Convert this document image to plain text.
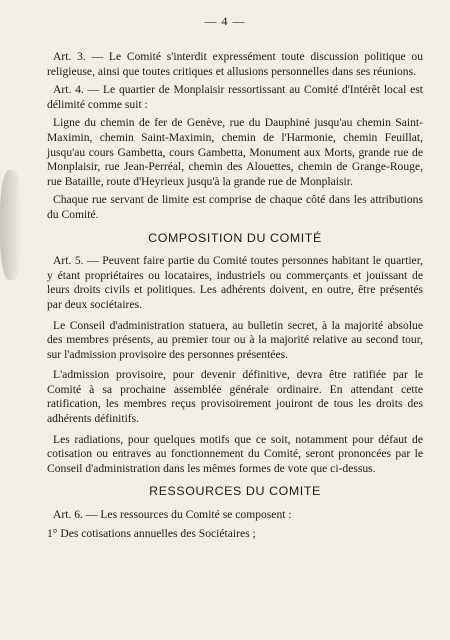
— 4 —

Art. 3. — Le Comité s'interdit expressément toute discussion politique ou religieuse, ainsi que toutes critiques et allusions personnelles dans ses réunions.

Art. 4. — Le quartier de Monplaisir ressortissant au Comité d'Intérêt local est délimité comme suit :

Ligne du chemin de fer de Genève, rue du Dauphiné jusqu'au chemin Saint-Maximin, chemin Saint-Maximin, chemin de l'Harmonie, chemin Feuillat, jusqu'au cours Gambetta, cours Gambetta, Monument aux Morts, grande rue de Monplaisir, rue Jean-Perréal, chemin des Alouettes, chemin de Grange-Rouge, rue Bataille, route d'Heyrieux jusqu'à la grande rue de Monplaisir.

Chaque rue servant de limite est comprise de chaque côté dans les attributions du Comité.

COMPOSITION DU COMITÉ

Art. 5. — Peuvent faire partie du Comité toutes personnes habitant le quartier, y étant propriétaires ou locataires, industriels ou commerçants et jouissant de leurs droits civils et politiques. Les adhérents doivent, en outre, être présentés par deux sociétaires.

Le Conseil d'administration statuera, au bulletin secret, à la majorité absolue des membres présents, au premier tour ou à la majorité relative au second tour, sur l'admission provisoire des personnes présentées.

L'admission provisoire, pour devenir définitive, devra être ratifiée par le Comité à sa prochaine assemblée générale ordinaire. En attendant cette ratification, les membres reçus provisoirement jouiront de tous les droits des adhérents définitifs.

Les radiations, pour quelques motifs que ce soit, notamment pour défaut de cotisation ou entraves au fonctionnement du Comité, seront prononcées par le Conseil d'administration dans les mêmes formes de vote que ci-dessus.

RESSOURCES DU COMITE

Art. 6. — Les ressources du Comité se composent :

1° Des cotisations annuelles des Sociétaires ;
